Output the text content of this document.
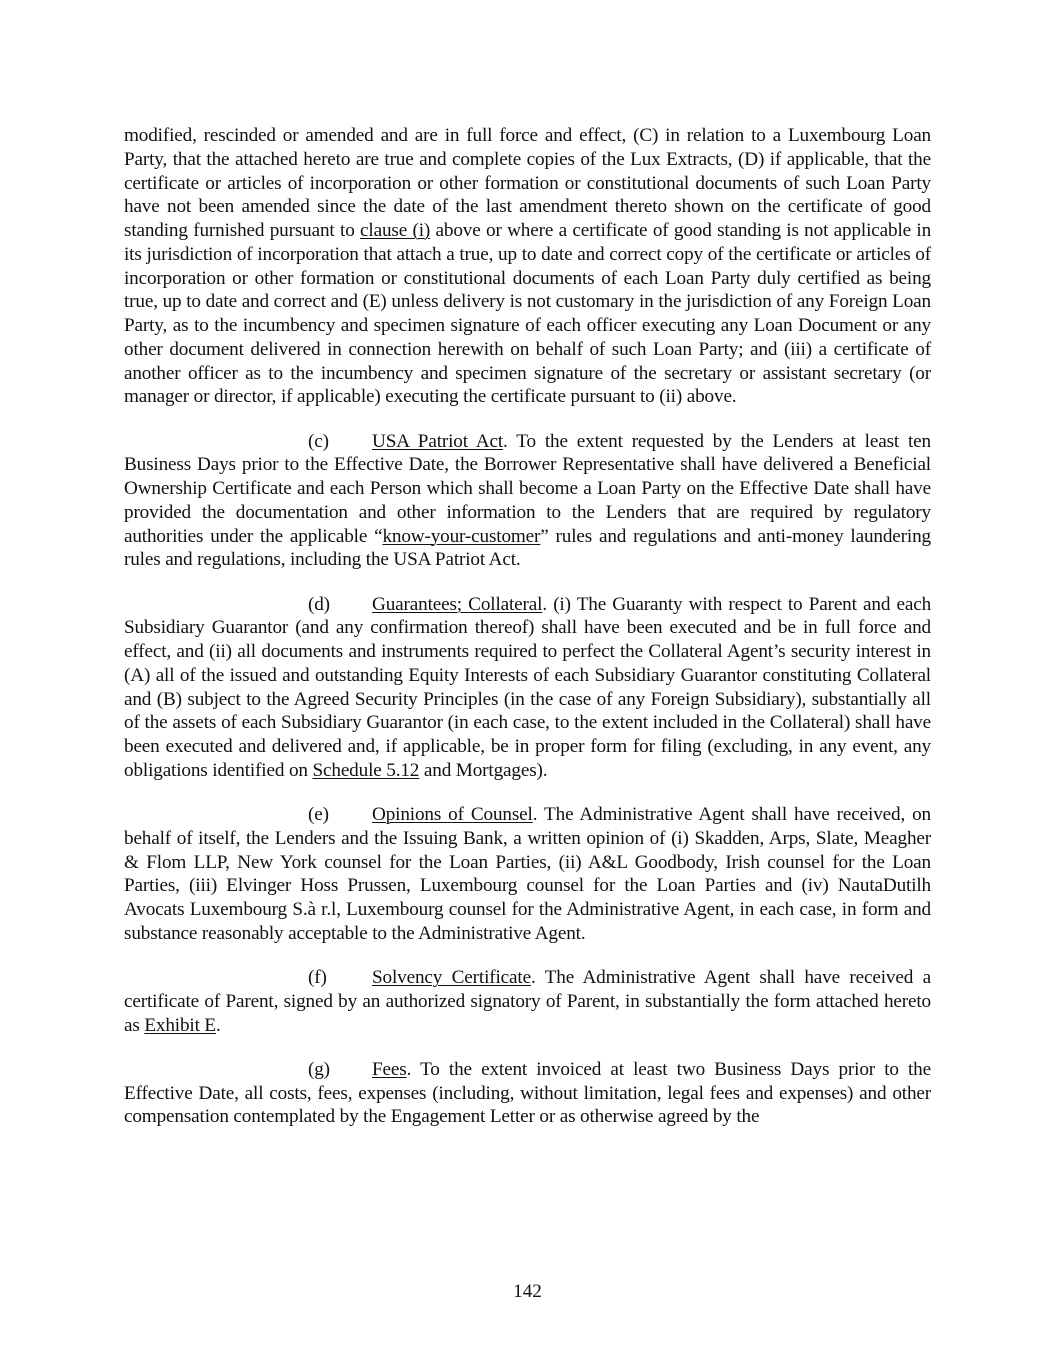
modified, rescinded or amended and are in full force and effect, (C) in relation to a Luxembourg Loan Party, that the attached hereto are true and complete copies of the Lux Extracts, (D) if applicable, that the certificate or articles of incorporation or other formation or constitutional documents of such Loan Party have not been amended since the date of the last amendment thereto shown on the certificate of good standing furnished pursuant to clause (i) above or where a certificate of good standing is not applicable in its jurisdiction of incorporation that attach a true, up to date and correct copy of the certificate or articles of incorporation or other formation or constitutional documents of each Loan Party duly certified as being true, up to date and correct and (E) unless delivery is not customary in the jurisdiction of any Foreign Loan Party, as to the incumbency and specimen signature of each officer executing any Loan Document or any other document delivered in connection herewith on behalf of such Loan Party; and (iii) a certificate of another officer as to the incumbency and specimen signature of the secretary or assistant secretary (or manager or director, if applicable) executing the certificate pursuant to (ii) above.

(c) USA Patriot Act. To the extent requested by the Lenders at least ten Business Days prior to the Effective Date, the Borrower Representative shall have delivered a Beneficial Ownership Certificate and each Person which shall become a Loan Party on the Effective Date shall have provided the documentation and other information to the Lenders that are required by regulatory authorities under the applicable “know-your-customer” rules and regulations and anti-money laundering rules and regulations, including the USA Patriot Act.

(d) Guarantees; Collateral. (i) The Guaranty with respect to Parent and each Subsidiary Guarantor (and any confirmation thereof) shall have been executed and be in full force and effect, and (ii) all documents and instruments required to perfect the Collateral Agent’s security interest in (A) all of the issued and outstanding Equity Interests of each Subsidiary Guarantor constituting Collateral and (B) subject to the Agreed Security Principles (in the case of any Foreign Subsidiary), substantially all of the assets of each Subsidiary Guarantor (in each case, to the extent included in the Collateral) shall have been executed and delivered and, if applicable, be in proper form for filing (excluding, in any event, any obligations identified on Schedule 5.12 and Mortgages).

(e) Opinions of Counsel. The Administrative Agent shall have received, on behalf of itself, the Lenders and the Issuing Bank, a written opinion of (i) Skadden, Arps, Slate, Meagher & Flom LLP, New York counsel for the Loan Parties, (ii) A&L Goodbody, Irish counsel for the Loan Parties, (iii) Elvinger Hoss Prussen, Luxembourg counsel for the Loan Parties and (iv) NautaDutilh Avocats Luxembourg S.à r.l, Luxembourg counsel for the Administrative Agent, in each case, in form and substance reasonably acceptable to the Administrative Agent.

(f) Solvency Certificate. The Administrative Agent shall have received a certificate of Parent, signed by an authorized signatory of Parent, in substantially the form attached hereto as Exhibit E.

(g) Fees. To the extent invoiced at least two Business Days prior to the Effective Date, all costs, fees, expenses (including, without limitation, legal fees and expenses) and other compensation contemplated by the Engagement Letter or as otherwise agreed by the

142
